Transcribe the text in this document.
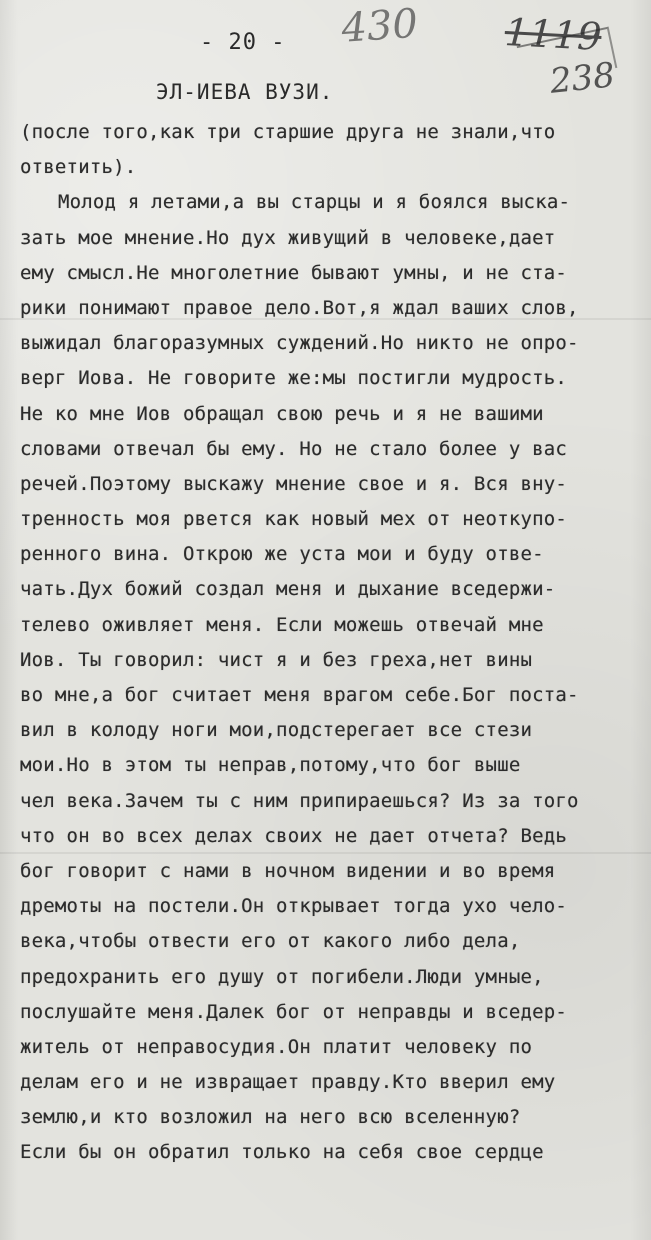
- 20 - 430 1119
238
ЭЛ-ИЕВА ВУЗИ.
(после того,как три старшие друга не знали,что
ответить).
Молод я летами,а вы старцы и я боялся выска-
зать мое мнение.Но дух живущий в человеке,дает
ему смысл.Не многолетние бывают умны, и не ста-
рики понимают правое дело.Вот,я ждал ваших слов,
выжидал благоразумных суждений.Но никто не опро-
верг Иова. Не говорите же:мы постигли мудрость.
Не ко мне Иов обращал свою речь и я не вашими
словами отвечал бы ему. Но не стало более у вас
речей.Поэтому выскажу мнение свое и я. Вся вну-
тренность моя рвется как новый мех от неоткупо-
ренного вина. Открою же уста мои и буду отве-
чать.Дух божий создал меня и дыхание вседержи-
телево оживляет меня. Если можешь отвечай мне
Иов. Ты говорил: чист я и без греха,нет вины
во мне,а бог считает меня врагом себе.Бог поста-
вил в колоду ноги мои,подстерегает все стези
мои.Но в этом ты неправ,потому,что бог выше
чел века.Зачем ты с ним припираешься? Из за того
что он во всех делах своих не дает отчета? Ведь
бог говорит с нами в ночном видении и во время
дремоты на постели.Он открывает тогда ухо чело-
века,чтобы отвести его от какого либо дела,
предохранить его душу от погибели.Люди умные,
послушайте меня.Далек бог от неправды и вседер-
житель от неправосудия.Он платит человеку по
делам его и не извращает правду.Кто вверил ему
землю,и кто возложил на него всю вселенную?
Если бы он обратил только на себя свое сердце
